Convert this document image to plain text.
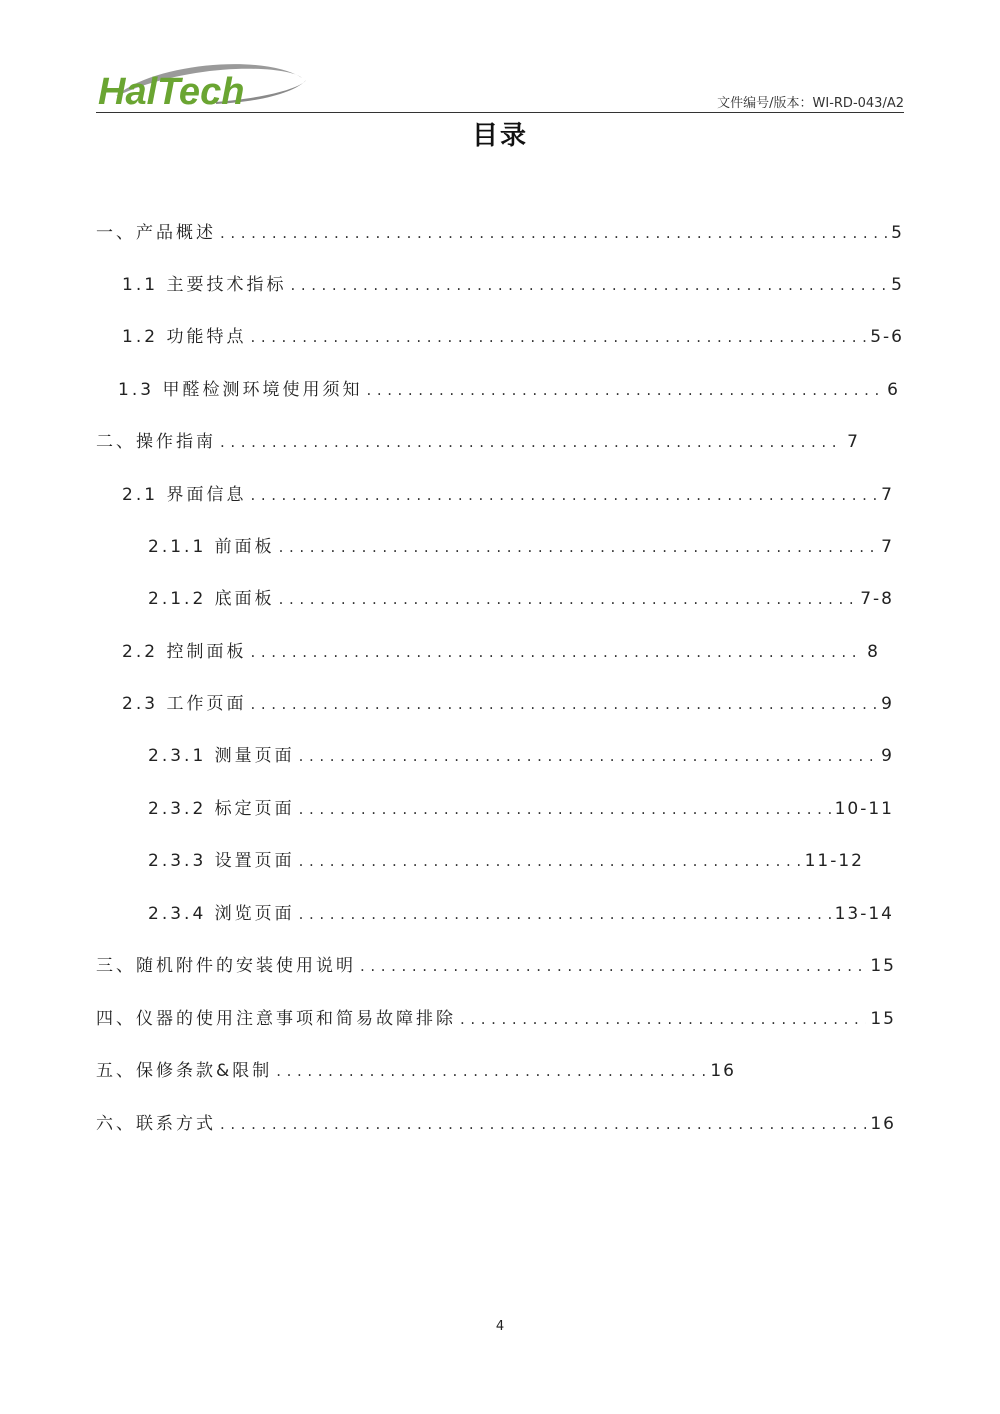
HalTech	文件编号/版本：WI-RD-043/A2
目录
一、产品概述 .....	5
1.1 主要技术指标 .....	5
1.2 功能特点 .....	5-6
1.3 甲醛检测环境使用须知 .....	6
二、操作指南 .....	7
2.1 界面信息 .....	7
2.1.1 前面板 .....	7
2.1.2 底面板 .....	7-8
2.2 控制面板 .....	8
2.3 工作页面 .....	9
2.3.1 测量页面 .....	9
2.3.2 标定页面 .....	10-11
2.3.3 设置页面 .....	11-12
2.3.4 浏览页面 .....	13-14
三、随机附件的安装使用说明 .....	15
四、仪器的使用注意事项和简易故障排除 .....	15
五、保修条款&限制 .....	16
六、联系方式 .....	16
4
